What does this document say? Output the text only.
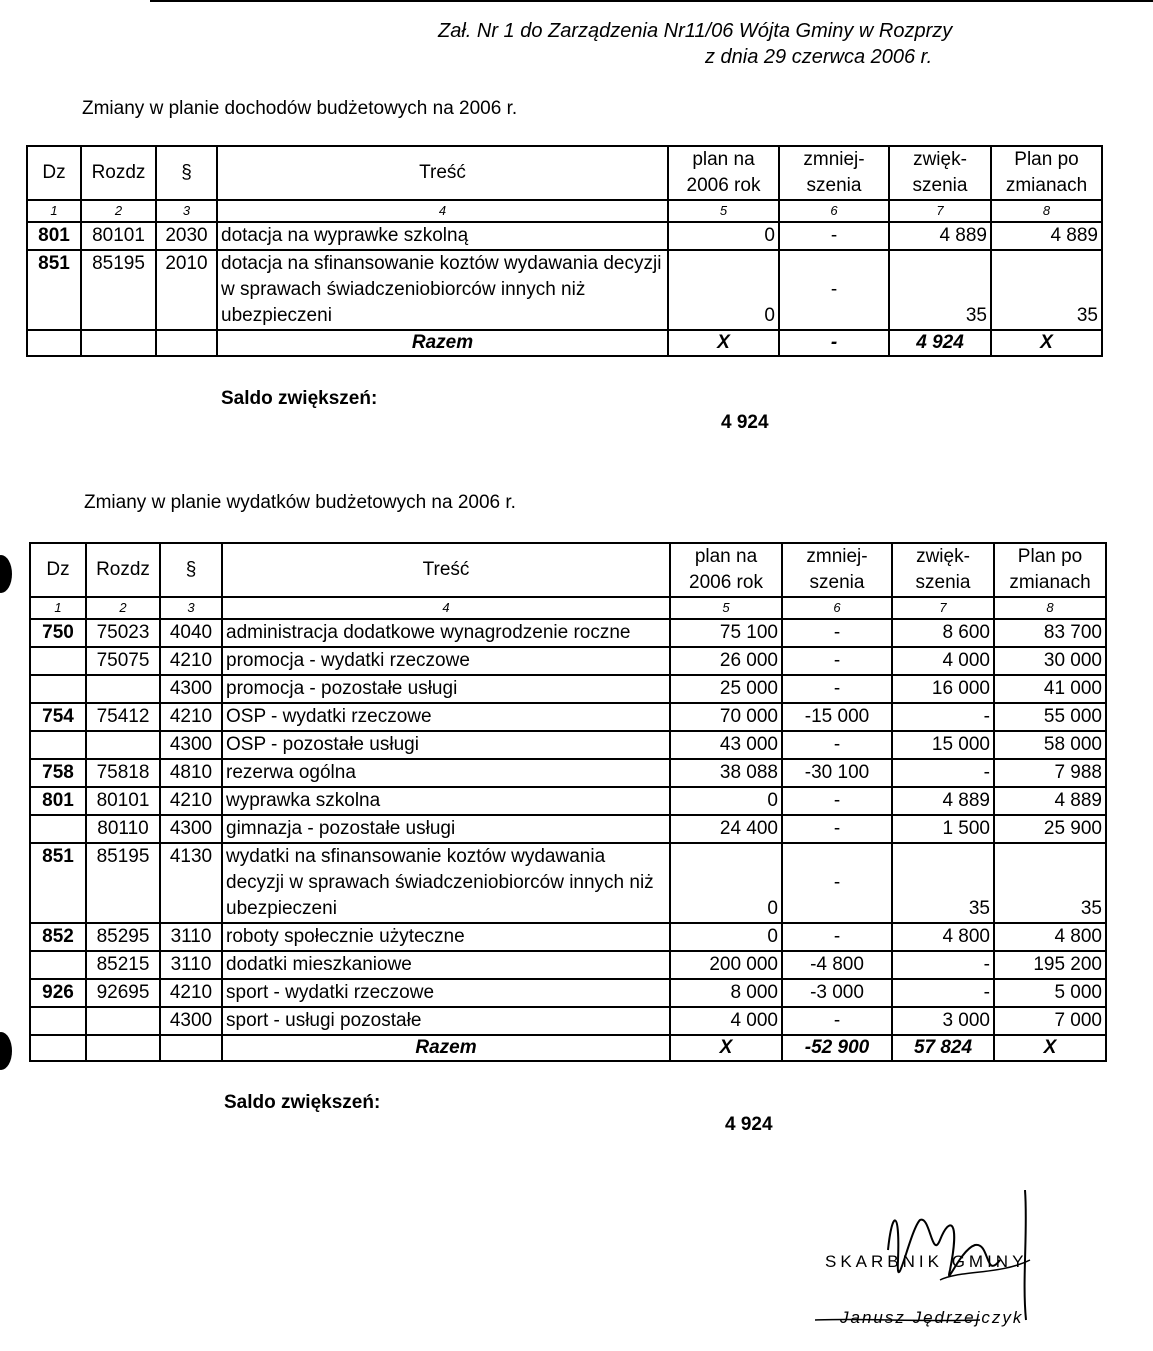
Zał. Nr 1 do Zarządzenia Nr11/06 Wójta Gminy w Rozprzy
z dnia 29 czerwca 2006 r.
Zmiany w planie dochodów budżetowych na 2006 r.
Dz	Rozdz	§	Treść	plan na 2006 rok	zmniej-szenia	zwięk-szenia	Plan po zmianach
1	2	3	4	5	6	7	8
801	80101	2030	dotacja na wyprawke szkolną	0	-	4 889	4 889
851	85195	2010	dotacja na sfinansowanie koztów wydawania decyzji w sprawach świadczeniobiorców innych niż ubezpieczeni	0	-	35	35
			Razem	X	-	4 924	X
Saldo zwiększeń:
4 924
Zmiany w planie wydatków budżetowych na 2006 r.
Dz	Rozdz	§	Treść	plan na 2006 rok	zmniej-szenia	zwięk-szenia	Plan po zmianach
1	2	3	4	5	6	7	8
750	75023	4040	administracja dodatkowe wynagrodzenie roczne	75 100	-	8 600	83 700
	75075	4210	promocja - wydatki rzeczowe	26 000	-	4 000	30 000
		4300	promocja - pozostałe usługi	25 000	-	16 000	41 000
754	75412	4210	OSP - wydatki rzeczowe	70 000	-15 000	-	55 000
		4300	OSP - pozostałe usługi	43 000	-	15 000	58 000
758	75818	4810	rezerwa ogólna	38 088	-30 100	-	7 988
801	80101	4210	wyprawka szkolna	0	-	4 889	4 889
	80110	4300	gimnazja - pozostałe usługi	24 400	-	1 500	25 900
851	85195	4130	wydatki na sfinansowanie koztów wydawania decyzji w sprawach świadczeniobiorców innych niż ubezpieczeni	0	-	35	35
852	85295	3110	roboty społecznie użyteczne	0	-	4 800	4 800
	85215	3110	dodatki mieszkaniowe	200 000	-4 800	-	195 200
926	92695	4210	sport - wydatki rzeczowe	8 000	-3 000	-	5 000
		4300	sport - usługi pozostałe	4 000	-	3 000	7 000
			Razem	X	-52 900	57 824	X
Saldo zwiększeń:
4 924
SKARBNIK GMINY
Janusz Jędrzejczyk
